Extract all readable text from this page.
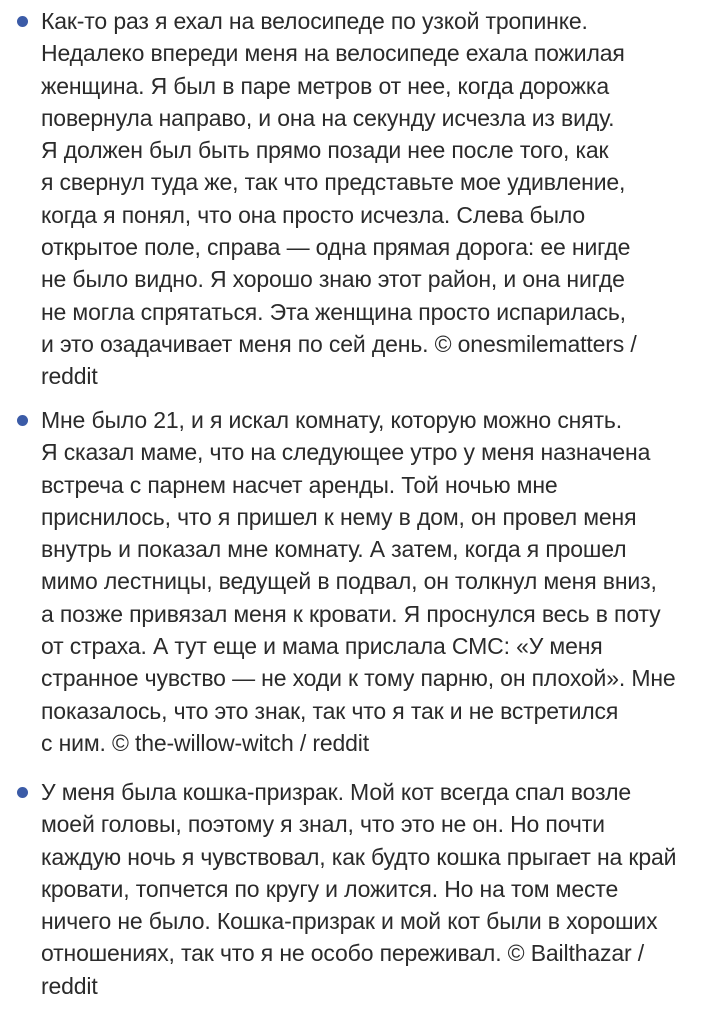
Как-то раз я ехал на велосипеде по узкой тропинке.
Недалеко впереди меня на велосипеде ехала пожилая
женщина. Я был в паре метров от нее, когда дорожка
повернула направо, и она на секунду исчезла из виду.
Я должен был быть прямо позади нее после того, как
я свернул туда же, так что представьте мое удивление,
когда я понял, что она просто исчезла. Слева было
открытое поле, справа — одна прямая дорога: ее нигде
не было видно. Я хорошо знаю этот район, и она нигде
не могла спрятаться. Эта женщина просто испарилась,
и это озадачивает меня по сей день. © onesmilematters /
reddit

Мне было 21, и я искал комнату, которую можно снять.
Я сказал маме, что на следующее утро у меня назначена
встреча с парнем насчет аренды. Той ночью мне
приснилось, что я пришел к нему в дом, он провел меня
внутрь и показал мне комнату. А затем, когда я прошел
мимо лестницы, ведущей в подвал, он толкнул меня вниз,
а позже привязал меня к кровати. Я проснулся весь в поту
от страха. А тут еще и мама прислала СМС: «У меня
странное чувство — не ходи к тому парню, он плохой». Мне
показалось, что это знак, так что я так и не встретился
с ним. © the-willow-witch / reddit

У меня была кошка-призрак. Мой кот всегда спал возле
моей головы, поэтому я знал, что это не он. Но почти
каждую ночь я чувствовал, как будто кошка прыгает на край
кровати, топчется по кругу и ложится. Но на том месте
ничего не было. Кошка-призрак и мой кот были в хороших
отношениях, так что я не особо переживал. © Bailthazar /
reddit
